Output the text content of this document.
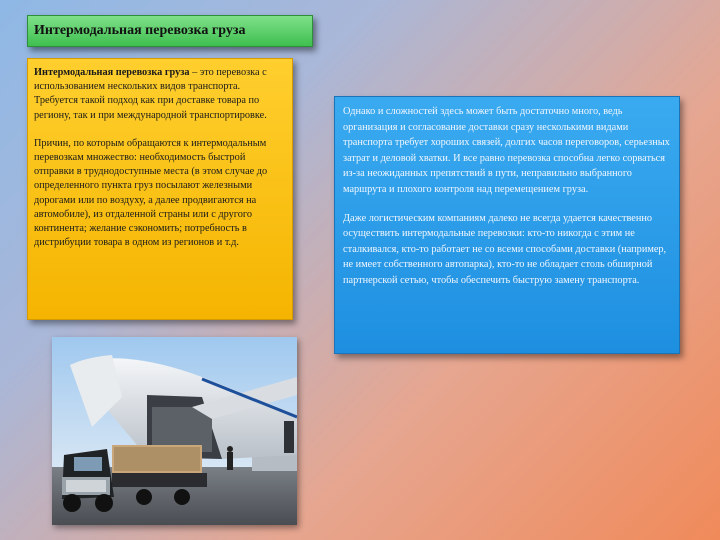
Интермодальная перевозка груза

Интермодальная перевозка груза – это перевозка с использованием нескольких видов транспорта. Требуется такой подход как при доставке товара по региону, так и при международной транспортировке.

Причин, по которым обращаются к интермодальным перевозкам множество: необходимость быстрой отправки в труднодоступные места (в этом случае до определенного пункта груз посылают железными дорогами или по воздуху, а далее продвигаются на автомобиле), из отдаленной страны или с другого континента; желание сэкономить; потребность в дистрибуции товара в одном из регионов и т.д.

Однако и сложностей здесь может быть достаточно много, ведь организация и согласование доставки сразу несколькими видами транспорта требует хороших связей, долгих часов переговоров, серьезных затрат и деловой хватки. И все равно перевозка способна легко сорваться из-за неожиданных препятствий в пути, неправильно выбранного маршрута и плохого контроля над перемещением груза.

Даже логистическим компаниям далеко не всегда удается качественно осуществить интермодальные перевозки: кто-то никогда с этим не сталкивался, кто-то работает не со всеми способами доставки (например, не имеет собственного автопарка), кто-то не обладает столь обширной партнерской сетью, чтобы обеспечить быструю замену транспорта.
